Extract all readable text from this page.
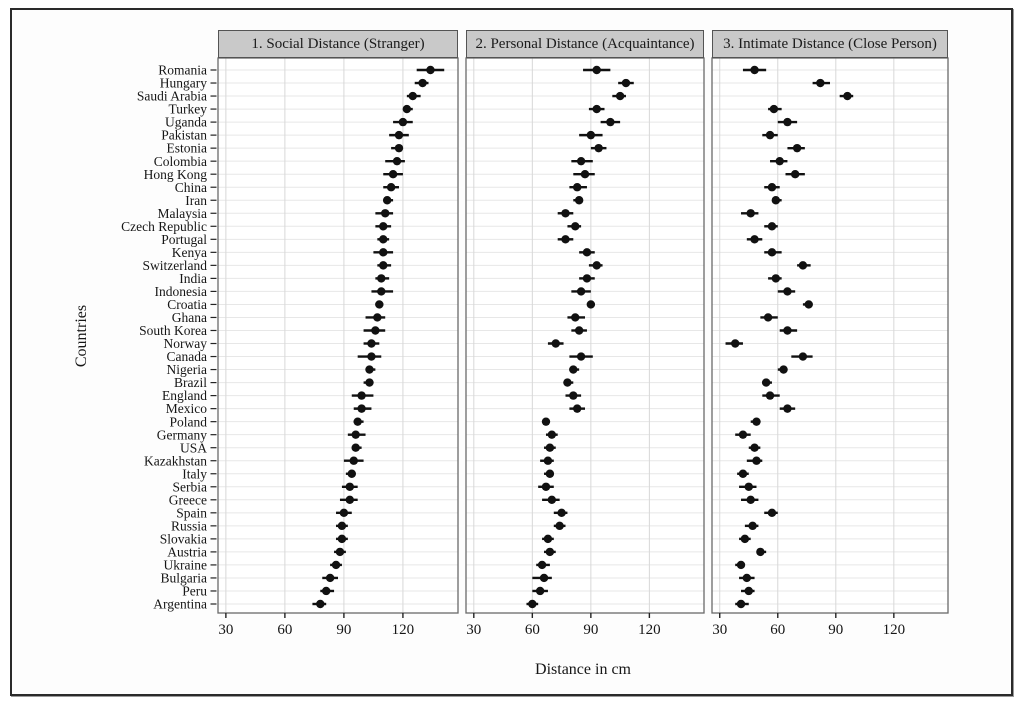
30	60	90	120	30	60	90	120	30	60	90	120
Romania
Hungary
Saudi Arabia
Turkey
Uganda
Pakistan
Estonia
Colombia
Hong Kong
China
Iran
Malaysia
Czech Republic
Portugal
Kenya
Switzerland
India
Indonesia
Croatia
Ghana
South Korea
Norway
Canada
Nigeria
Brazil
England
Mexico
Poland
Germany
USA
Kazakhstan
Italy
Serbia
Greece
Spain
Russia
Slovakia
Austria
Ukraine
Bulgaria
Peru
Argentina
1. Social Distance (Stranger)	2. Personal Distance (Acquaintance)	3. Intimate Distance (Close Person)
Countries
Distance in cm
